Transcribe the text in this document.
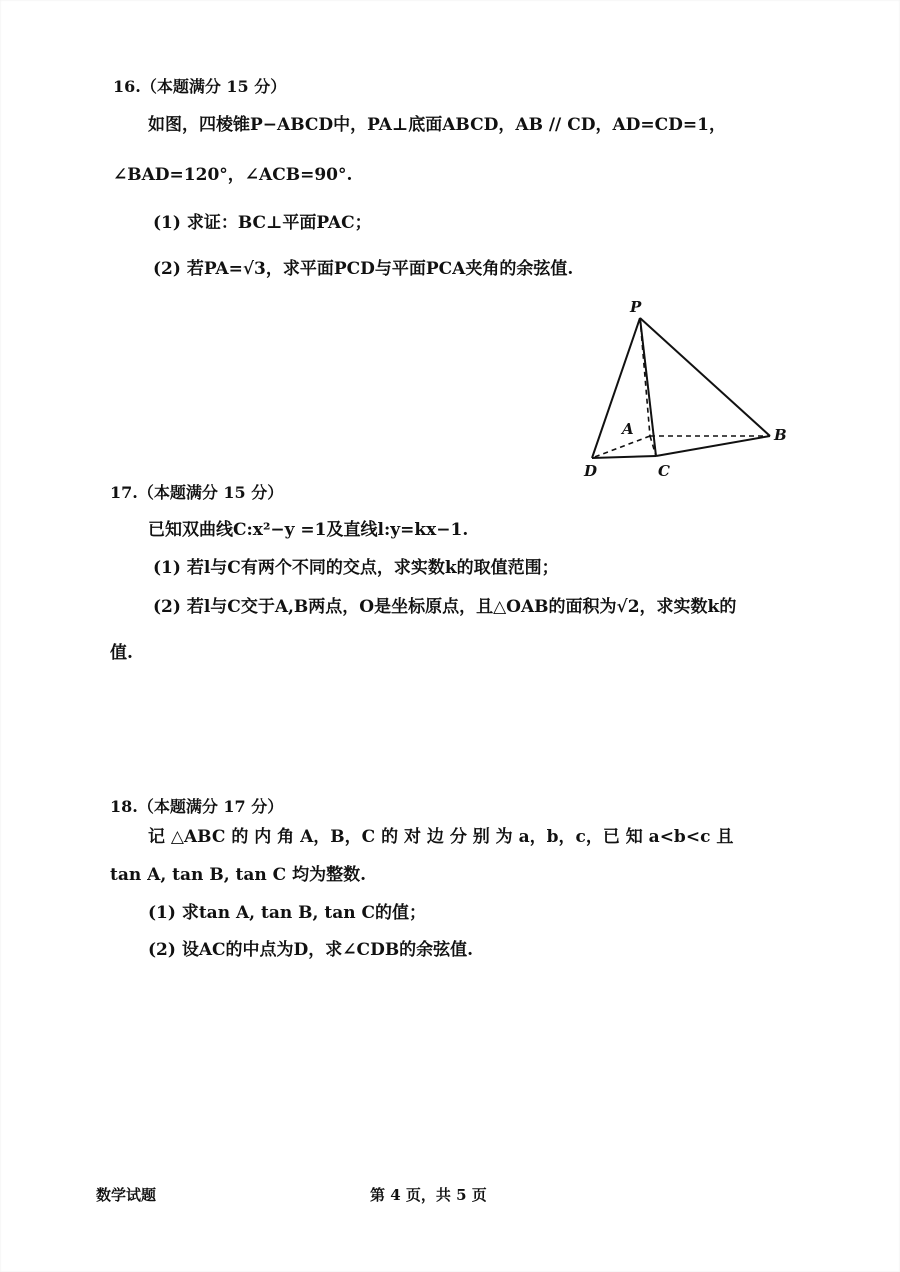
16.（本题满分 15 分）
如图，四棱锥P−ABCD中，PA⊥底面ABCD，AB // CD，AD=CD=1，
∠BAD=120°，∠ACB=90°.
(1) 求证：BC⊥平面PAC；
(2) 若PA=√3，求平面PCD与平面PCA夹角的余弦值.
P
A	B
C
D
17.（本题满分 15 分）
已知双曲线C:x²−y =1及直线l:y=kx−1.
(1) 若l与C有两个不同的交点，求实数k的取值范围；
(2) 若l与C交于A,B两点，O是坐标原点，且△OAB的面积为√2，求实数k的
值.
18.（本题满分 17 分）
记 △ABC 的 内 角 A，B，C 的 对 边 分 别 为 a，b，c，已 知 a<b<c 且
tan A, tan B, tan C 均为整数.
(1) 求tan A, tan B, tan C的值；
(2) 设AC的中点为D，求∠CDB的余弦值.
数学试题	第 4 页，共 5 页
